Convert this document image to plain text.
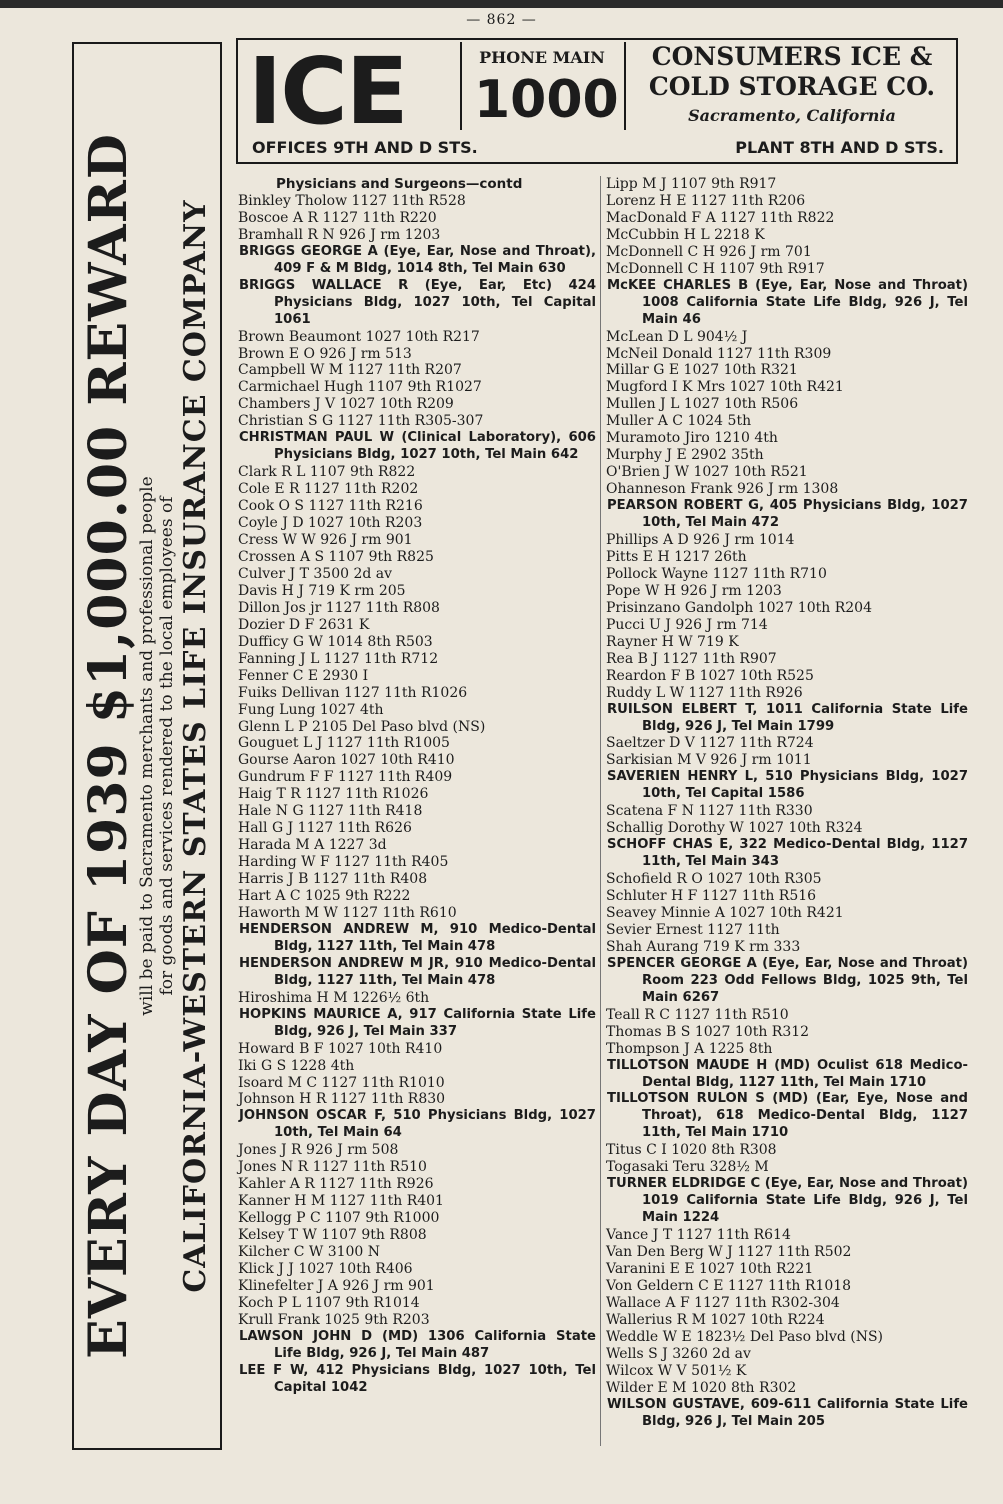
— 862 —
EVERY DAY OF 1939 $1,000.00 REWARD
will be paid to Sacramento merchants and professional people for goods and services rendered to the local employees of CALIFORNIA-WESTERN STATES LIFE INSURANCE COMPANY
ICE	PHONE MAIN
1000
CONSUMERS ICE &
COLD STORAGE CO.
Sacramento, California
OFFICES 9TH AND D STS.	PLANT 8TH AND D STS.
Physicians and Surgeons—contd
Binkley Tholow 1127 11th R528
Boscoe A R 1127 11th R220
Bramhall R N 926 J rm 1203
BRIGGS GEORGE A (Eye, Ear, Nose and Throat), 409 F & M Bldg, 1014 8th, Tel Main 630
BRIGGS WALLACE R (Eye, Ear, Etc) 424 Physicians Bldg, 1027 10th, Tel Capital 1061
Brown Beaumont 1027 10th R217
Brown E O 926 J rm 513
Campbell W M 1127 11th R207
Carmichael Hugh 1107 9th R1027
Chambers J V 1027 10th R209
Christian S G 1127 11th R305-307
CHRISTMAN PAUL W (Clinical Laboratory), 606 Physicians Bldg, 1027 10th, Tel Main 642
Clark R L 1107 9th R822
Cole E R 1127 11th R202
Cook O S 1127 11th R216
Coyle J D 1027 10th R203
Cress W W 926 J rm 901
Crossen A S 1107 9th R825
Culver J T 3500 2d av
Davis H J 719 K rm 205
Dillon Jos jr 1127 11th R808
Dozier D F 2631 K
Dufficy G W 1014 8th R503
Fanning J L 1127 11th R712
Fenner C E 2930 I
Fuiks Dellivan 1127 11th R1026
Fung Lung 1027 4th
Glenn L P 2105 Del Paso blvd (NS)
Gouguet L J 1127 11th R1005
Gourse Aaron 1027 10th R410
Gundrum F F 1127 11th R409
Haig T R 1127 11th R1026
Hale N G 1127 11th R418
Hall G J 1127 11th R626
Harada M A 1227 3d
Harding W F 1127 11th R405
Harris J B 1127 11th R408
Hart A C 1025 9th R222
Haworth M W 1127 11th R610
HENDERSON ANDREW M, 910 Medico-Dental Bldg, 1127 11th, Tel Main 478
HENDERSON ANDREW M JR, 910 Medico-Dental Bldg, 1127 11th, Tel Main 478
Hiroshima H M 1226½ 6th
HOPKINS MAURICE A, 917 California State Life Bldg, 926 J, Tel Main 337
Howard B F 1027 10th R410
Iki G S 1228 4th
Isoard M C 1127 11th R1010
Johnson H R 1127 11th R830
JOHNSON OSCAR F, 510 Physicians Bldg, 1027 10th, Tel Main 64
Jones J R 926 J rm 508
Jones N R 1127 11th R510
Kahler A R 1127 11th R926
Kanner H M 1127 11th R401
Kellogg P C 1107 9th R1000
Kelsey T W 1107 9th R808
Kilcher C W 3100 N
Klick J J 1027 10th R406
Klinefelter J A 926 J rm 901
Koch P L 1107 9th R1014
Krull Frank 1025 9th R203
LAWSON JOHN D (MD) 1306 California State Life Bldg, 926 J, Tel Main 487
LEE F W, 412 Physicians Bldg, 1027 10th, Tel Capital 1042
Lipp M J 1107 9th R917
Lorenz H E 1127 11th R206
MacDonald F A 1127 11th R822
McCubbin H L 2218 K
McDonnell C H 926 J rm 701
McDonnell C H 1107 9th R917
McKEE CHARLES B (Eye, Ear, Nose and Throat) 1008 California State Life Bldg, 926 J, Tel Main 46
McLean D L 904½ J
McNeil Donald 1127 11th R309
Millar G E 1027 10th R321
Mugford I K Mrs 1027 10th R421
Mullen J L 1027 10th R506
Muller A C 1024 5th
Muramoto Jiro 1210 4th
Murphy J E 2902 35th
O'Brien J W 1027 10th R521
Ohanneson Frank 926 J rm 1308
PEARSON ROBERT G, 405 Physicians Bldg, 1027 10th, Tel Main 472
Phillips A D 926 J rm 1014
Pitts E H 1217 26th
Pollock Wayne 1127 11th R710
Pope W H 926 J rm 1203
Prisinzano Gandolph 1027 10th R204
Pucci U J 926 J rm 714
Rayner H W 719 K
Rea B J 1127 11th R907
Reardon F B 1027 10th R525
Ruddy L W 1127 11th R926
RUILSON ELBERT T, 1011 California State Life Bldg, 926 J, Tel Main 1799
Saeltzer D V 1127 11th R724
Sarkisian M V 926 J rm 1011
SAVERIEN HENRY L, 510 Physicians Bldg, 1027 10th, Tel Capital 1586
Scatena F N 1127 11th R330
Schallig Dorothy W 1027 10th R324
SCHOFF CHAS E, 322 Medico-Dental Bldg, 1127 11th, Tel Main 343
Schofield R O 1027 10th R305
Schluter H F 1127 11th R516
Seavey Minnie A 1027 10th R421
Sevier Ernest 1127 11th
Shah Aurang 719 K rm 333
SPENCER GEORGE A (Eye, Ear, Nose and Throat) Room 223 Odd Fellows Bldg, 1025 9th, Tel Main 6267
Teall R C 1127 11th R510
Thomas B S 1027 10th R312
Thompson J A 1225 8th
TILLOTSON MAUDE H (MD) Oculist 618 Medico-Dental Bldg, 1127 11th, Tel Main 1710
TILLOTSON RULON S (MD) (Ear, Eye, Nose and Throat), 618 Medico-Dental Bldg, 1127 11th, Tel Main 1710
Titus C I 1020 8th R308
Togasaki Teru 328½ M
TURNER ELDRIDGE C (Eye, Ear, Nose and Throat) 1019 California State Life Bldg, 926 J, Tel Main 1224
Vance J T 1127 11th R614
Van Den Berg W J 1127 11th R502
Varanini E E 1027 10th R221
Von Geldern C E 1127 11th R1018
Wallace A F 1127 11th R302-304
Wallerius R M 1027 10th R224
Weddle W E 1823½ Del Paso blvd (NS)
Wells S J 3260 2d av
Wilcox W V 501½ K
Wilder E M 1020 8th R302
WILSON GUSTAVE, 609-611 California State Life Bldg, 926 J, Tel Main 205
